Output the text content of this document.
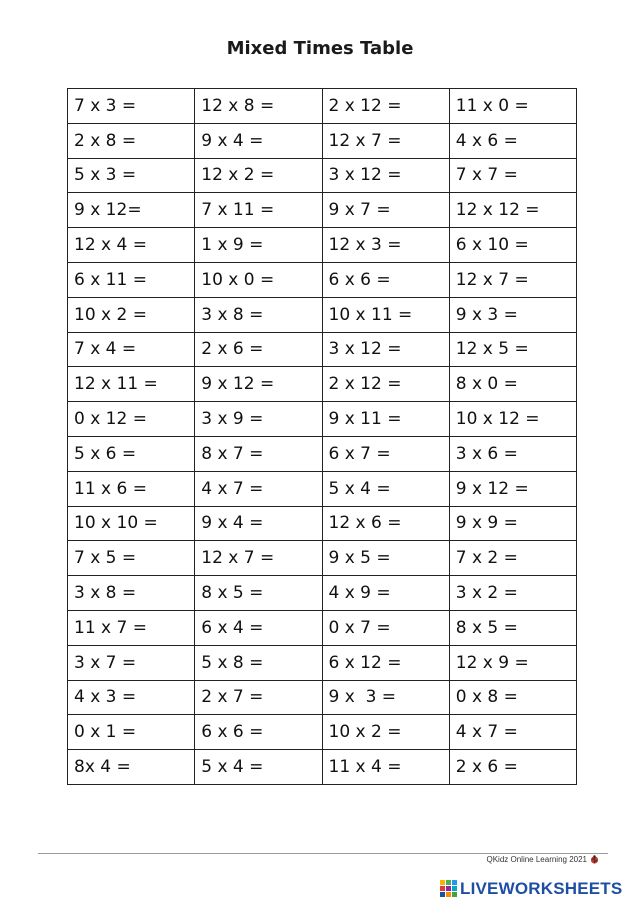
Mixed Times Table
7 x 3 =	12 x 8 =	2 x 12 =	11 x 0 =
2 x 8 =	9 x 4 =	12 x 7 =	4 x 6 =
5 x 3 =	12 x 2 =	3 x 12 =	7 x 7 =
9 x 12=	7 x 11 =	9 x 7 =	12 x 12 =
12 x 4 =	1 x 9 =	12 x 3 =	6 x 10 =
6 x 11 =	10 x 0 =	6 x 6 =	12 x 7 =
10 x 2 =	3 x 8 =	10 x 11 =	9 x 3 =
7 x 4 =	2 x 6 =	3 x 12 =	12 x 5 =
12 x 11 =	9 x 12 =	2 x 12 =	8 x 0 =
0 x 12 =	3 x 9 =	9 x 11 =	10 x 12 =
5 x 6 =	8 x 7 =	6 x 7 =	3 x 6 =
11 x 6 =	4 x 7 =	5 x 4 =	9 x 12 =
10 x 10 =	9 x 4 =	12 x 6 =	9 x 9 =
7 x 5 =	12 x 7 =	9 x 5 =	7 x 2 =
3 x 8 =	8 x 5 =	4 x 9 =	3 x 2 =
11 x 7 =	6 x 4 =	0 x 7 =	8 x 5 =
3 x 7 =	5 x 8 =	6 x 12 =	12 x 9 =
4 x 3 =	2 x 7 =	9 x  3 =	0 x 8 =
0 x 1 =	6 x 6 =	10 x 2 =	4 x 7 =
8x 4 =	5 x 4 =	11 x 4 =	2 x 6 =
QKidz Online Learning 2021
LIVEWORKSHEETS
